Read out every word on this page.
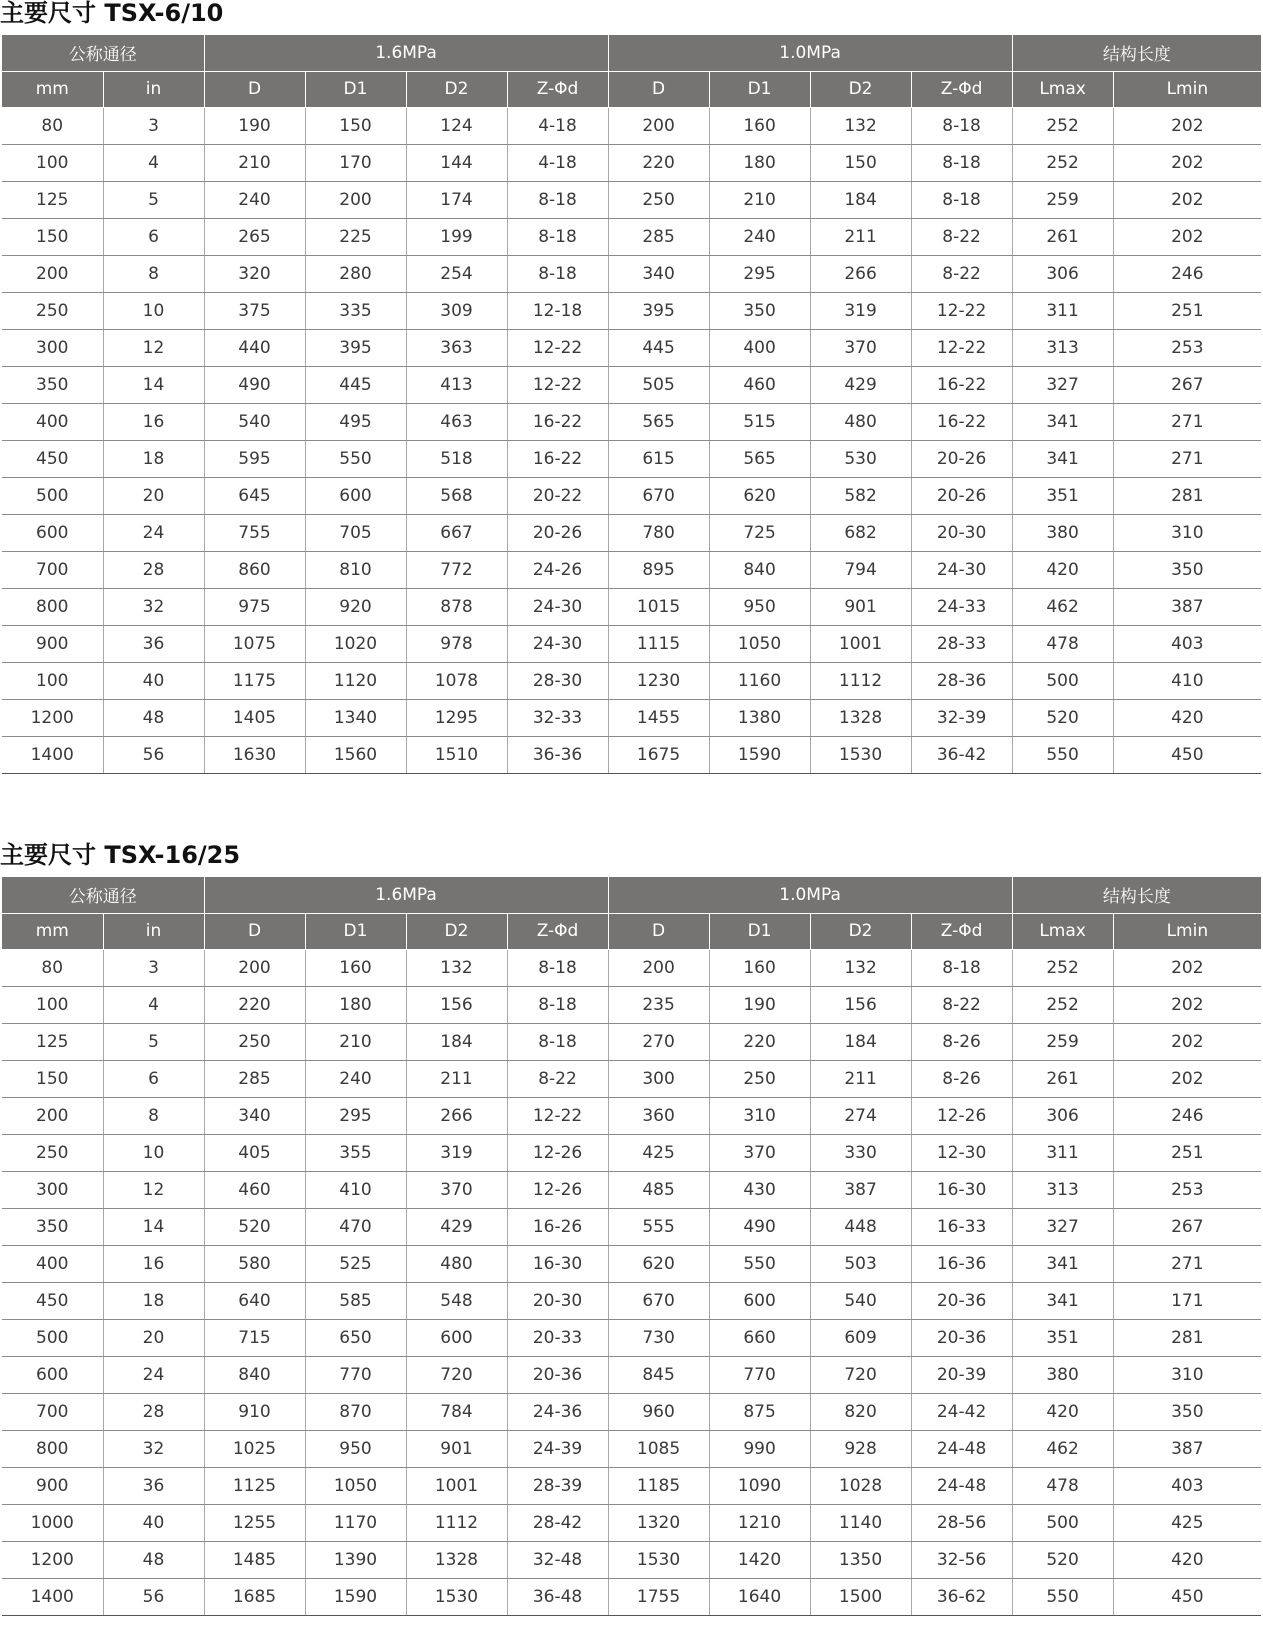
主要尺寸 TSX-6/10
公称通径		1.6MPa				1.0MPa				结构长度	
mm	in	D	D1	D2	Z-Φd	D	D1	D2	Z-Φd	Lmax	Lmin
80	3	190	150	124	4-18	200	160	132	8-18	252	202
100	4	210	170	144	4-18	220	180	150	8-18	252	202
125	5	240	200	174	8-18	250	210	184	8-18	259	202
150	6	265	225	199	8-18	285	240	211	8-22	261	202
200	8	320	280	254	8-18	340	295	266	8-22	306	246
250	10	375	335	309	12-18	395	350	319	12-22	311	251
300	12	440	395	363	12-22	445	400	370	12-22	313	253
350	14	490	445	413	12-22	505	460	429	16-22	327	267
400	16	540	495	463	16-22	565	515	480	16-22	341	271
450	18	595	550	518	16-22	615	565	530	20-26	341	271
500	20	645	600	568	20-22	670	620	582	20-26	351	281
600	24	755	705	667	20-26	780	725	682	20-30	380	310
700	28	860	810	772	24-26	895	840	794	24-30	420	350
800	32	975	920	878	24-30	1015	950	901	24-33	462	387
900	36	1075	1020	978	24-30	1115	1050	1001	28-33	478	403
100	40	1175	1120	1078	28-30	1230	1160	1112	28-36	500	410
1200	48	1405	1340	1295	32-33	1455	1380	1328	32-39	520	420
1400	56	1630	1560	1510	36-36	1675	1590	1530	36-42	550	450
主要尺寸 TSX-16/25
公称通径		1.6MPa				1.0MPa				结构长度	
mm	in	D	D1	D2	Z-Φd	D	D1	D2	Z-Φd	Lmax	Lmin
80	3	200	160	132	8-18	200	160	132	8-18	252	202
100	4	220	180	156	8-18	235	190	156	8-22	252	202
125	5	250	210	184	8-18	270	220	184	8-26	259	202
150	6	285	240	211	8-22	300	250	211	8-26	261	202
200	8	340	295	266	12-22	360	310	274	12-26	306	246
250	10	405	355	319	12-26	425	370	330	12-30	311	251
300	12	460	410	370	12-26	485	430	387	16-30	313	253
350	14	520	470	429	16-26	555	490	448	16-33	327	267
400	16	580	525	480	16-30	620	550	503	16-36	341	271
450	18	640	585	548	20-30	670	600	540	20-36	341	171
500	20	715	650	600	20-33	730	660	609	20-36	351	281
600	24	840	770	720	20-36	845	770	720	20-39	380	310
700	28	910	870	784	24-36	960	875	820	24-42	420	350
800	32	1025	950	901	24-39	1085	990	928	24-48	462	387
900	36	1125	1050	1001	28-39	1185	1090	1028	24-48	478	403
1000	40	1255	1170	1112	28-42	1320	1210	1140	28-56	500	425
1200	48	1485	1390	1328	32-48	1530	1420	1350	32-56	520	420
1400	56	1685	1590	1530	36-48	1755	1640	1500	36-62	550	450
